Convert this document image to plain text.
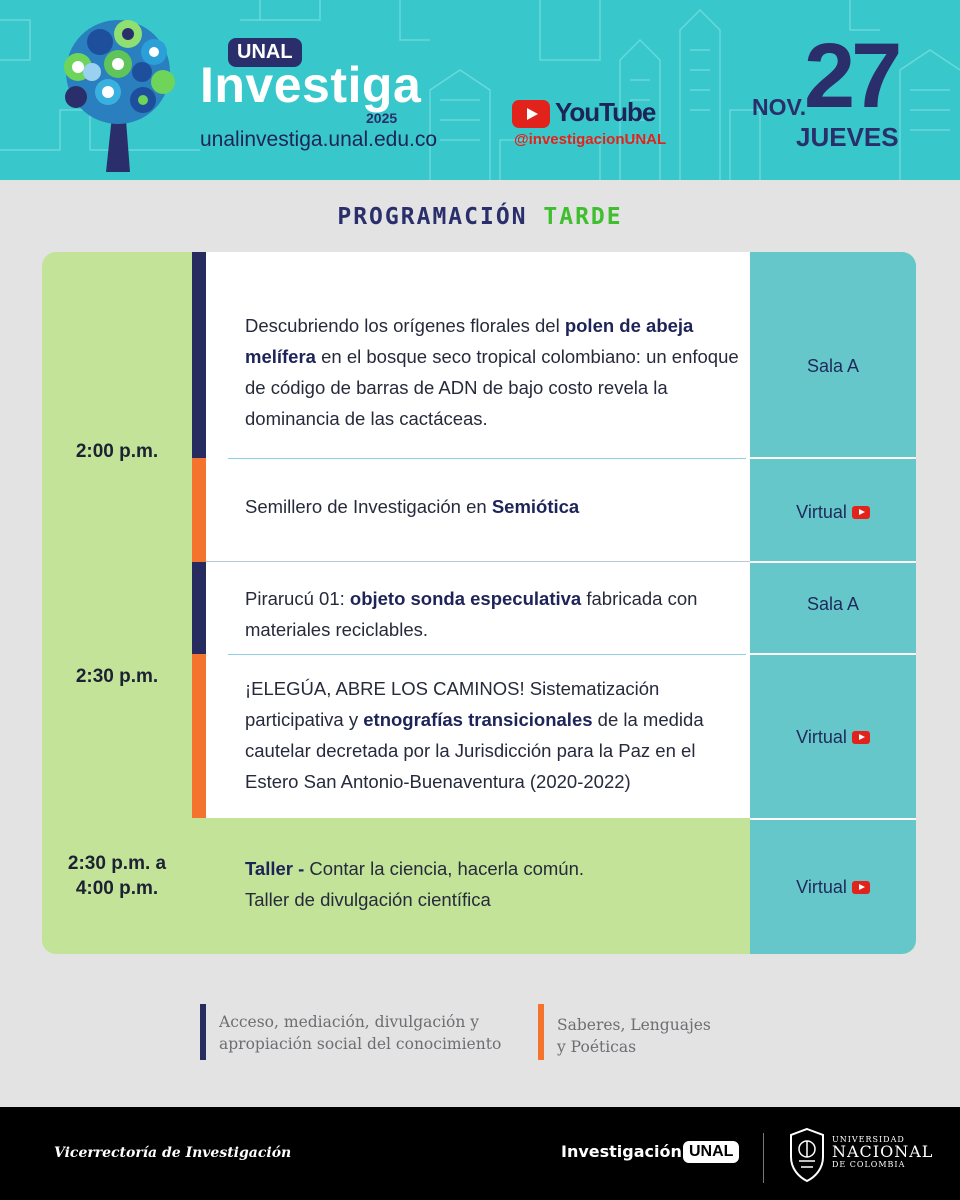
UNAL
Investiga
2025
unalinvestiga.unal.edu.co
YouTube
@investigacionUNAL
NOV.
27
JUEVES
PROGRAMACIÓN TARDE
2:00 p.m.
2:30 p.m.
2:30 p.m. a
4:00 p.m.
Descubriendo los orígenes florales del polen de abeja melífera en el bosque seco tropical colombiano: un enfoque de código de barras de ADN de bajo costo revela la dominancia de las cactáceas.
Sala A
Semillero de Investigación en Semiótica	Virtual
Pirarucú 01: objeto sonda especulativa fabricada con materiales reciclables.
Sala A
¡ELEGÚA, ABRE LOS CAMINOS! Sistematización participativa y etnografías transicionales de la medida cautelar decretada por la Jurisdicción para la Paz en el Estero San Antonio-Buenaventura (2020-2022)
Virtual
Taller - Contar la ciencia, hacerla común.
Taller de divulgación científica
Virtual
Acceso, mediación, divulgación y apropiación social del conocimiento
Saberes, Lenguajes y Poéticas
Vicerrectoría de Investigación	Investigación UNAL
UNIVERSIDAD
NACIONAL
DE COLOMBIA
